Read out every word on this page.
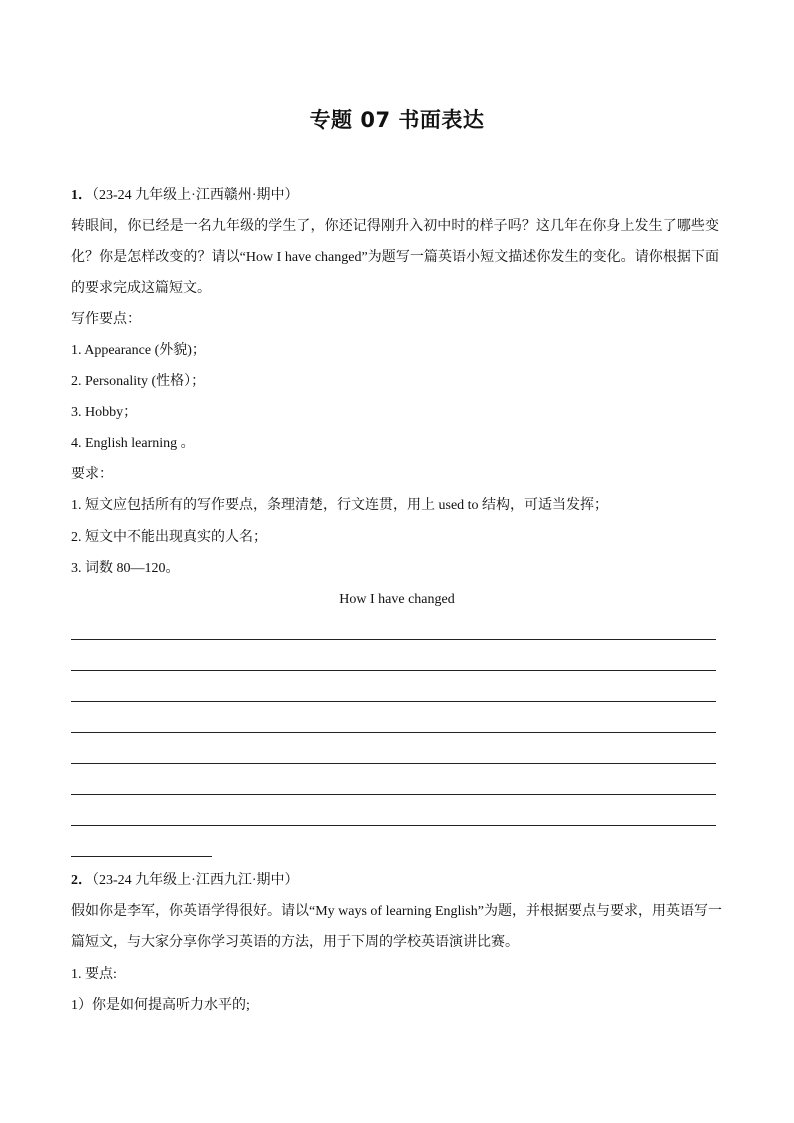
专题 07 书面表达
1．（23-24 九年级上·江西赣州·期中）
转眼间，你已经是一名九年级的学生了，你还记得刚升入初中时的样子吗？这几年在你身上发生了哪些变
化？你是怎样改变的？请以“How I have changed”为题写一篇英语小短文描述你发生的变化。请你根据下面
的要求完成这篇短文。
写作要点：
1. Appearance (外貌)；
2. Personality (性格）；
3. Hobby；
4. English learning 。
要求：
1. 短文应包括所有的写作要点，条理清楚，行文连贯，用上 used to 结构，可适当发挥；
2. 短文中不能出现真实的人名；
3. 词数 80—120。
How I have changed
2．（23-24 九年级上·江西九江·期中）
假如你是李军，你英语学得很好。请以“My ways of learning English”为题，并根据要点与要求，用英语写一
篇短文，与大家分享你学习英语的方法，用于下周的学校英语演讲比赛。
1. 要点:
1）你是如何提高听力水平的;
